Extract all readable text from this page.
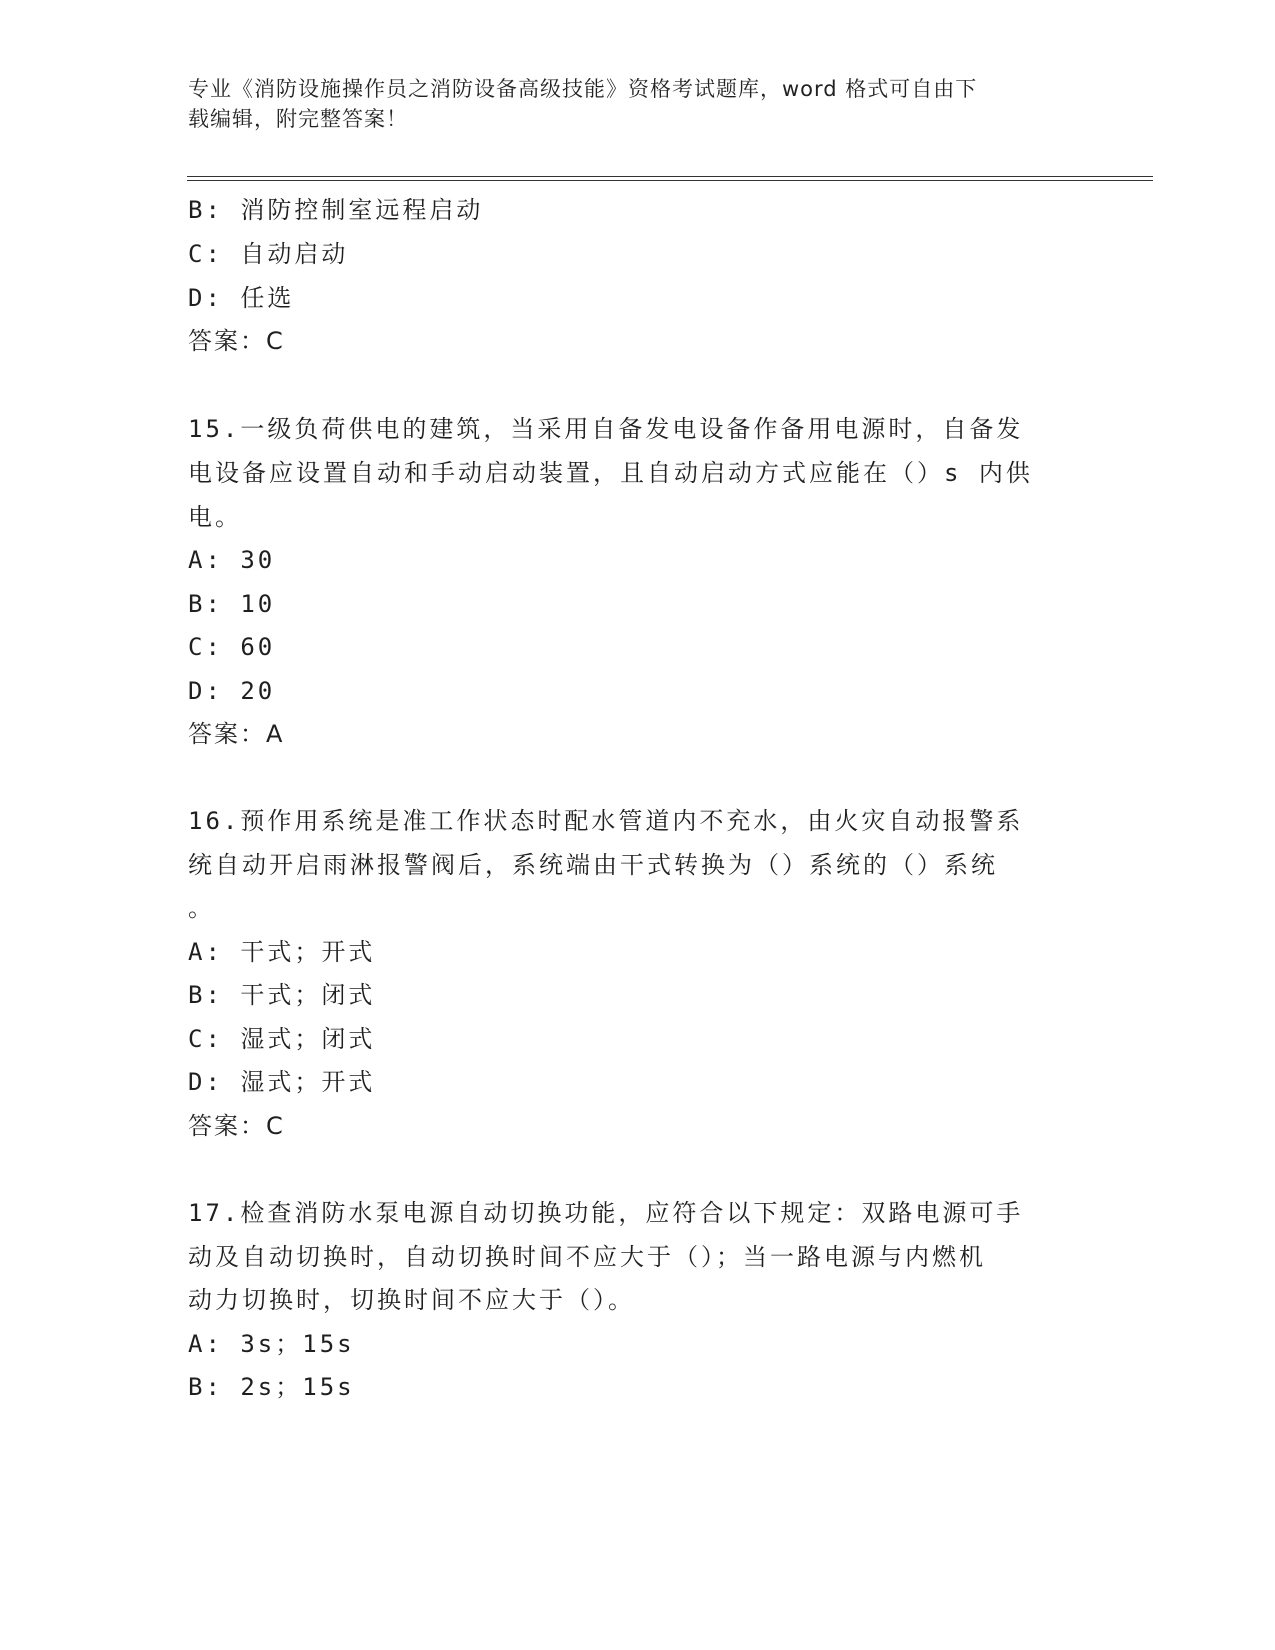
专业《消防设施操作员之消防设备高级技能》资格考试题库，word 格式可自由下
载编辑，附完整答案！
B: 消防控制室远程启动
C: 自动启动
D: 任选
答案：C
15.一级负荷供电的建筑，当采用自备发电设备作备用电源时，自备发
电设备应设置自动和手动启动装置，且自动启动方式应能在（）s 内供
电。
A: 30
B: 10
C: 60
D: 20
答案：A
16.预作用系统是准工作状态时配水管道内不充水，由火灾自动报警系
统自动开启雨淋报警阀后，系统端由干式转换为（）系统的（）系统
。
A: 干式；开式
B: 干式；闭式
C: 湿式；闭式
D: 湿式；开式
答案：C
17.检查消防水泵电源自动切换功能，应符合以下规定：双路电源可手
动及自动切换时，自动切换时间不应大于（）；当一路电源与内燃机
动力切换时，切换时间不应大于（）。
A: 3s；15s
B: 2s；15s
